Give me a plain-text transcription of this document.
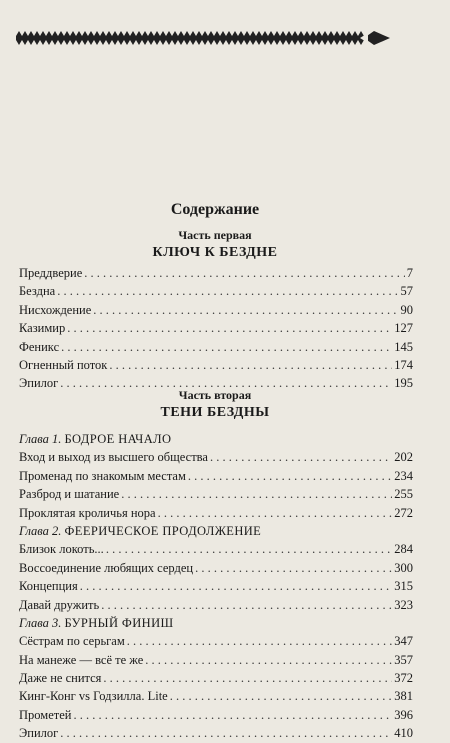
Содержание
Часть первая
КЛЮЧ К БЕЗДНЕ
Преддверие . . .	7
Бездна . . .	57
Нисхождение . . .	90
Казимир . . .	127
Феникс . . .	145
Огненный поток . . .	174
Эпилог . . .	195
Часть вторая
ТЕНИ БЕЗДНЫ
Глава 1. БОДРОЕ НАЧАЛО
Вход и выход из высшего общества . . .	202
Променад по знакомым местам . . .	234
Разброд и шатание . . .	255
Проклятая кроличья нора . . .	272
Глава 2. ФЕЕРИЧЕСКОЕ ПРОДОЛЖЕНИЕ
Близок локоть... . . .	284
Воссоединение любящих сердец . . .	300
Концепция . . .	315
Давай дружить . . .	323
Глава 3. БУРНЫЙ ФИНИШ
Сёстрам по серьгам . . .	347
На манеже — всё те же . . .	357
Даже не снится . . .	372
Кинг-Конг vs Годзилла. Lite . . .	381
Прометей . . .	396
Эпилог . . .	410
